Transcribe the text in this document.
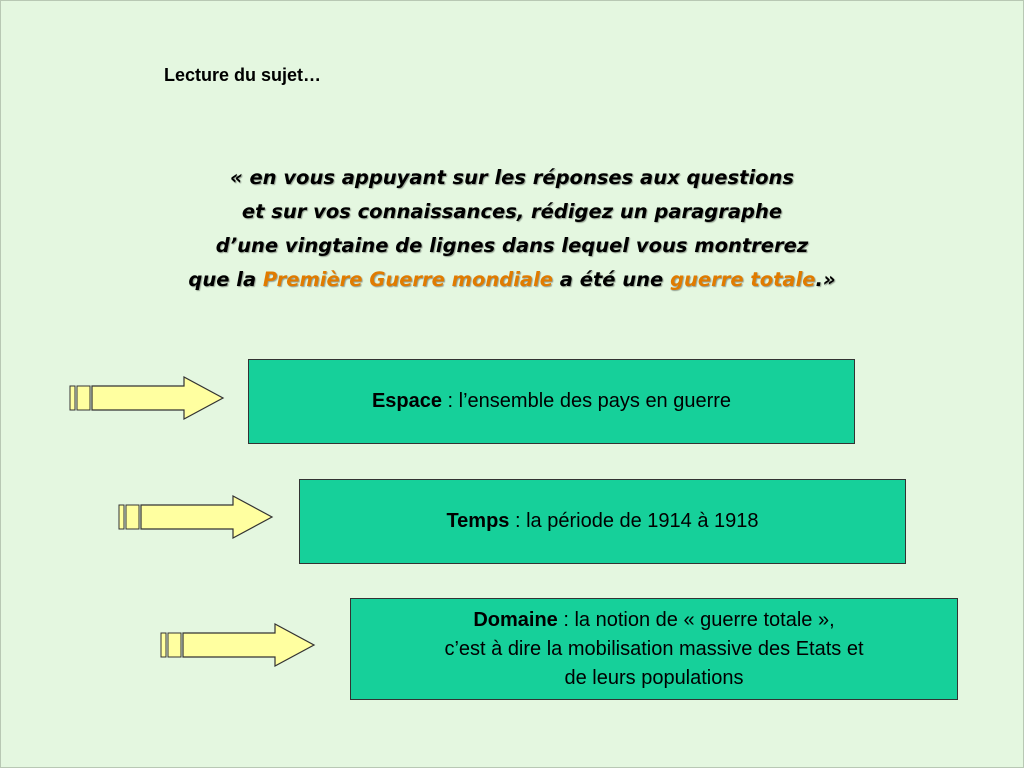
Lecture du sujet…
« en vous appuyant sur les réponses aux questions
et sur vos connaissances, rédigez un paragraphe
d’une vingtaine de lignes dans lequel vous montrerez
que la Première Guerre mondiale a été une guerre totale.»
Espace : l’ensemble des pays en guerre
Temps : la période de 1914 à 1918
Domaine : la notion de « guerre totale »,
c’est à dire la mobilisation massive des Etats et
de leurs populations
